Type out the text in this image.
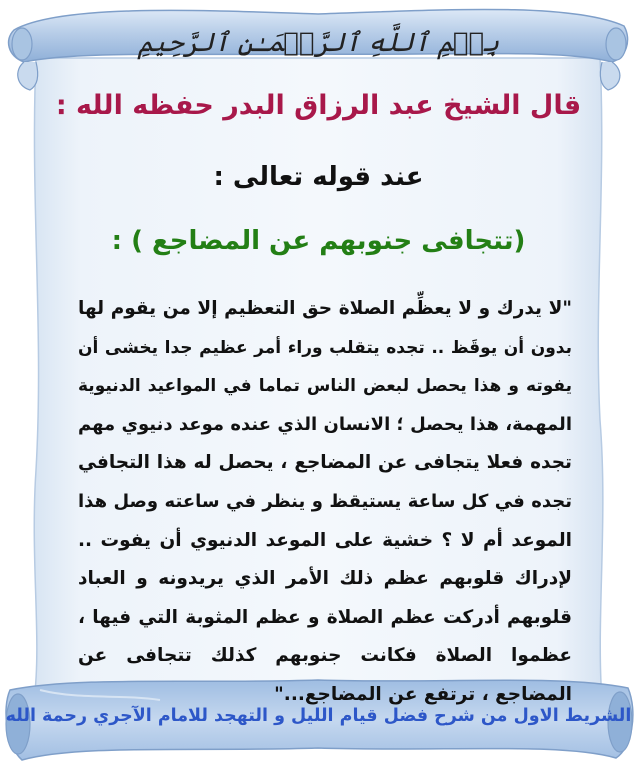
بِسۡمِ ٱللَّهِ ٱلرَّحۡمَـٰنِ ٱلرَّحِیمِ
قال الشيخ عبد الرزاق البدر حفظه الله :
عند قوله تعالى :
(تتجافى جنوبهم عن المضاجع ) :
"لا يدرك و لا يعظِّم الصلاة حق التعظيم إلا من يقوم لها
بدون أن يوقَظ .. تجده يتقلب وراء أمر عظيم جدا يخشى أن
يفوته و هذا يحصل لبعض الناس تماما في المواعيد الدنيوية
المهمة، هذا يحصل ؛ الانسان الذي عنده موعد دنيوي مهم
تجده فعلا يتجافى عن المضاجع ، يحصل له هذا التجافي
تجده في كل ساعة يستيقظ و ينظر في ساعته وصل هذا
الموعد أم لا ؟ خشية على الموعد الدنيوي أن يفوت ..
لإدراك قلوبهم عظم ذلك الأمر الذي يريدونه و العباد
قلوبهم أدركت عظم الصلاة و عظم المثوبة التي فيها ،
عظموا الصلاة فكانت جنوبهم كذلك تتجافى عن
المضاجع ، ترتفع عن المضاجع..."
الشريط الاول من شرح فضل قيام الليل و التهجد للامام الآجري رحمة الله
